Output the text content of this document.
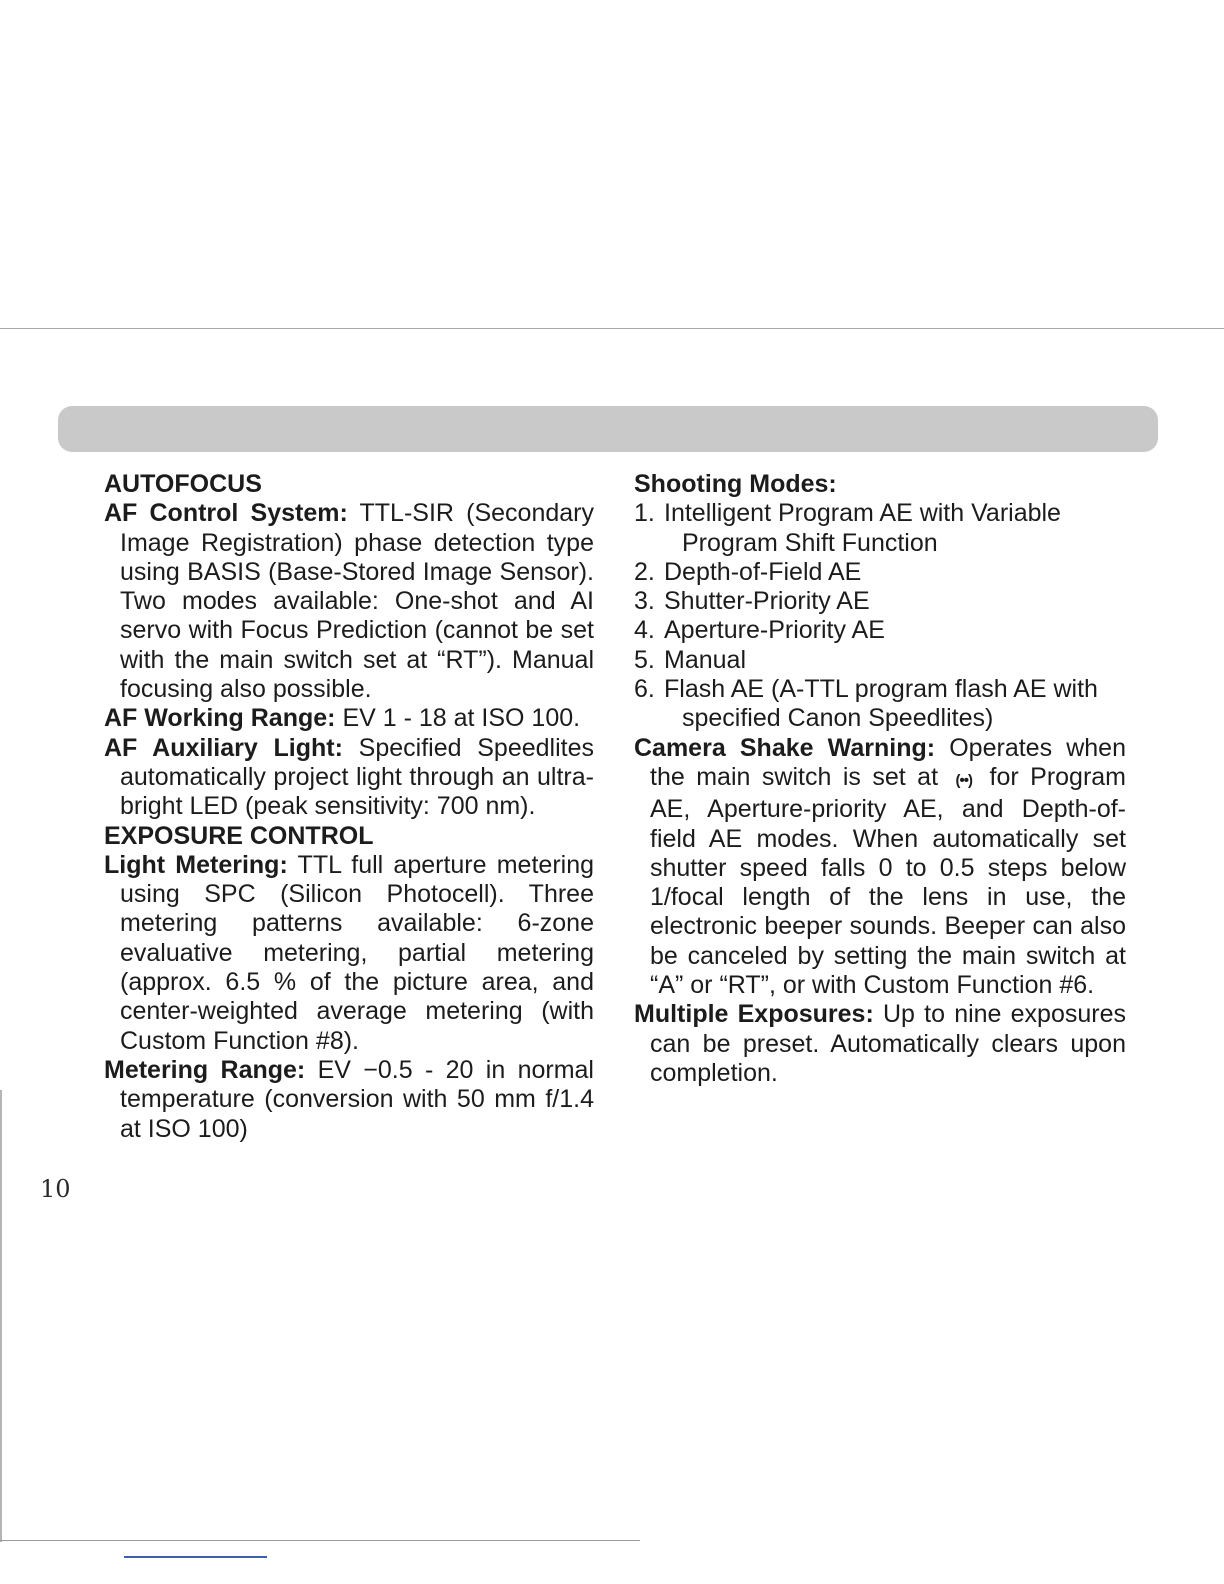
AUTOFOCUS
AF Control System: TTL-SIR (Secondary Image Registration) phase detection type using BASIS (Base-Stored Image Sensor). Two modes available: One-shot and AI servo with Focus Prediction (cannot be set with the main switch set at “RT”). Manual focusing also possible.
AF Working Range: EV 1 - 18 at ISO 100.
AF Auxiliary Light: Specified Speedlites automatically project light through an ultra-bright LED (peak sensitivity: 700 nm).
EXPOSURE CONTROL
Light Metering: TTL full aperture metering using SPC (Silicon Photocell). Three metering patterns available: 6-zone evaluative metering, partial metering (approx. 6.5 % of the picture area, and center-weighted average metering (with Custom Function #8).
Metering Range: EV −0.5 - 20 in normal temperature (conversion with 50 mm f/1.4 at ISO 100)
Shooting Modes:
1. Intelligent Program AE with Variable Program Shift Function
2. Depth-of-Field AE
3. Shutter-Priority AE
4. Aperture-Priority AE
5. Manual
6. Flash AE (A-TTL program flash AE with specified Canon Speedlites)
Camera Shake Warning: Operates when the main switch is set at (••) for Program AE, Aperture-priority AE, and Depth-of-field AE modes. When automatically set shutter speed falls 0 to 0.5 steps below 1/focal length of the lens in use, the electronic beeper sounds. Beeper can also be canceled by setting the main switch at “A” or “RT”, or with Custom Function #6.
Multiple Exposures: Up to nine exposures can be preset. Automatically clears upon completion.
10
